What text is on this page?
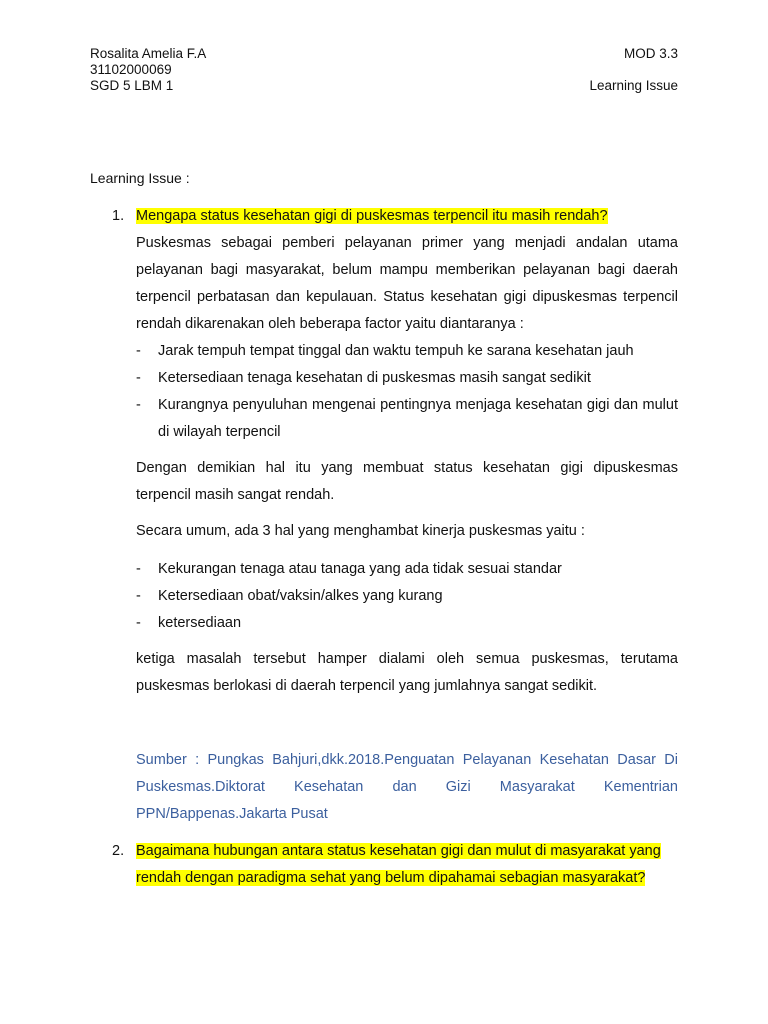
Rosalita Amelia F.A
31102000069
SGD 5 LBM 1
MOD 3.3
Learning Issue
Learning Issue :
1. Mengapa status kesehatan gigi di puskesmas terpencil itu masih rendah?
Puskesmas sebagai pemberi pelayanan primer yang menjadi andalan utama pelayanan bagi masyarakat, belum mampu memberikan pelayanan bagi daerah terpencil perbatasan dan kepulauan. Status kesehatan gigi dipuskesmas terpencil rendah dikarenakan oleh beberapa factor yaitu diantaranya :
- Jarak tempuh tempat tinggal dan waktu tempuh ke sarana kesehatan jauh
- Ketersediaan tenaga kesehatan di puskesmas masih sangat sedikit
- Kurangnya penyuluhan mengenai pentingnya menjaga kesehatan gigi dan mulut di wilayah terpencil
Dengan demikian hal itu yang membuat status kesehatan gigi dipuskesmas terpencil masih sangat rendah.
Secara umum, ada 3 hal yang menghambat kinerja puskesmas yaitu :
- Kekurangan tenaga atau tanaga yang ada tidak sesuai standar
- Ketersediaan obat/vaksin/alkes yang kurang
- ketersediaan
ketiga masalah tersebut hamper dialami oleh semua puskesmas, terutama puskesmas berlokasi di daerah terpencil yang jumlahnya sangat sedikit.
Sumber : Pungkas Bahjuri,dkk.2018.Penguatan Pelayanan Kesehatan Dasar Di Puskesmas.Diktorat Kesehatan dan Gizi Masyarakat Kementrian PPN/Bappenas.Jakarta Pusat
2. Bagaimana hubungan antara status kesehatan gigi dan mulut di masyarakat yang rendah dengan paradigma sehat yang belum dipahamai sebagian masyarakat?
